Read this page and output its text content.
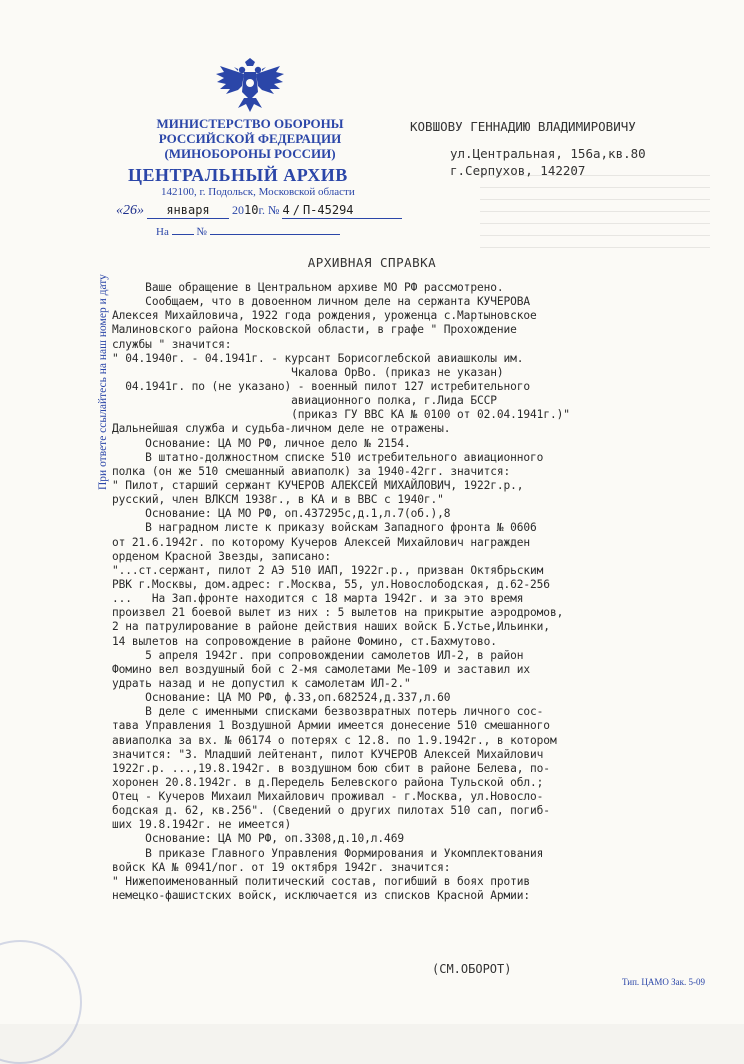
При ответе ссылайтесь на наш номер и дату
МИНИСТЕРСТВО ОБОРОНЫ
РОССИЙСКОЙ ФЕДЕРАЦИИ
(МИНОБОРОНЫ РОССИИ)
ЦЕНТРАЛЬНЫЙ АРХИВ
142100, г. Подольск, Московской области
«26» января 2010г. № 4 / П-45294
На	№
КОВШОВУ ГЕННАДИЮ ВЛАДИМИРОВИЧУ
ул.Центральная, 156а,кв.80
г.Серпухов, 142207
АРХИВНАЯ СПРАВКА
Ваше обращение в Центральном архиве МО РФ рассмотрено.
Сообщаем, что в довоенном личном деле на сержанта КУЧЕРОВА
Алексея Михайловича, 1922 года рождения, уроженца с.Мартыновское
Малиновского района Московской области, в графе " Прохождение
службы " значится:
" 04.1940г. - 04.1941г. - курсант Борисоглебской авиашколы им.
Чкалова ОрВо. (приказ не указан)
04.1941г. по (не указано) - военный пилот 127 истребительного
авиационного полка, г.Лида БССР
(приказ ГУ ВВС КА № 0100 от 02.04.1941г.)"
Дальнейшая служба и судьба-личном деле не отражены.
Основание: ЦА МО РФ, личное дело № 2154.
В штатно-должностном списке 510 истребительного авиационного
полка (он же 510 смешанный авиаполк) за 1940-42гг. значится:
" Пилот, старший сержант КУЧЕРОВ АЛЕКСЕЙ МИХАЙЛОВИЧ, 1922г.р.,
русский, член ВЛКСМ 1938г., в КА и в ВВС с 1940г."
Основание: ЦА МО РФ, оп.437295с,д.1,л.7(об.),8
В наградном листе к приказу войскам Западного фронта № 0606
от 21.6.1942г. по которому Кучеров Алексей Михайлович награжден
орденом Красной Звезды, записано:
"...ст.сержант, пилот 2 АЭ 510 ИАП, 1922г.р., призван Октябрьским
РВК г.Москвы, дом.адрес: г.Москва, 55, ул.Новослободская, д.62-256
...   На Зап.фронте находится с 18 марта 1942г. и за это время
произвел 21 боевой вылет из них : 5 вылетов на прикрытие аэродромов,
2 на патрулирование в районе действия наших войск Б.Устье,Ильинки,
14 вылетов на сопровождение в районе Фомино, ст.Бахмутово.
5 апреля 1942г. при сопровождении самолетов ИЛ-2, в район
Фомино вел воздушный бой с 2-мя самолетами Ме-109 и заставил их
удрать назад и не допустил к самолетам ИЛ-2."
Основание: ЦА МО РФ, ф.33,оп.682524,д.337,л.60
В деле с именными списками безвозвратных потерь личного сос-
тава Управления 1 Воздушной Армии имеется донесение 510 смешанного
авиаполка за вх. № 06174 о потерях с 12.8. по 1.9.1942г., в котором
значится: "3. Младший лейтенант, пилот КУЧЕРОВ Алексей Михайлович
1922г.р. ...,19.8.1942г. в воздушном бою сбит в районе Белева, по-
хоронен 20.8.1942г. в д.Передель Белевского района Тульской обл.;
Отец - Кучеров Михаил Михайлович проживал - г.Москва, ул.Новосло-
бодская д. 62, кв.256". (Сведений о других пилотах 510 сап, погиб-
ших 19.8.1942г. не имеется)
Основание: ЦА МО РФ, оп.3308,д.10,л.469
В приказе Главного Управления Формирования и Укомплектования
войск КА № 0941/пог. от 19 октября 1942г. значится:
" Нижепоименованный политический состав, погибший в боях против
немецко-фашистских войск, исключается из списков Красной Армии:
(СМ.ОБОРОТ)
Тип. ЦАМО Зак. 5-09
